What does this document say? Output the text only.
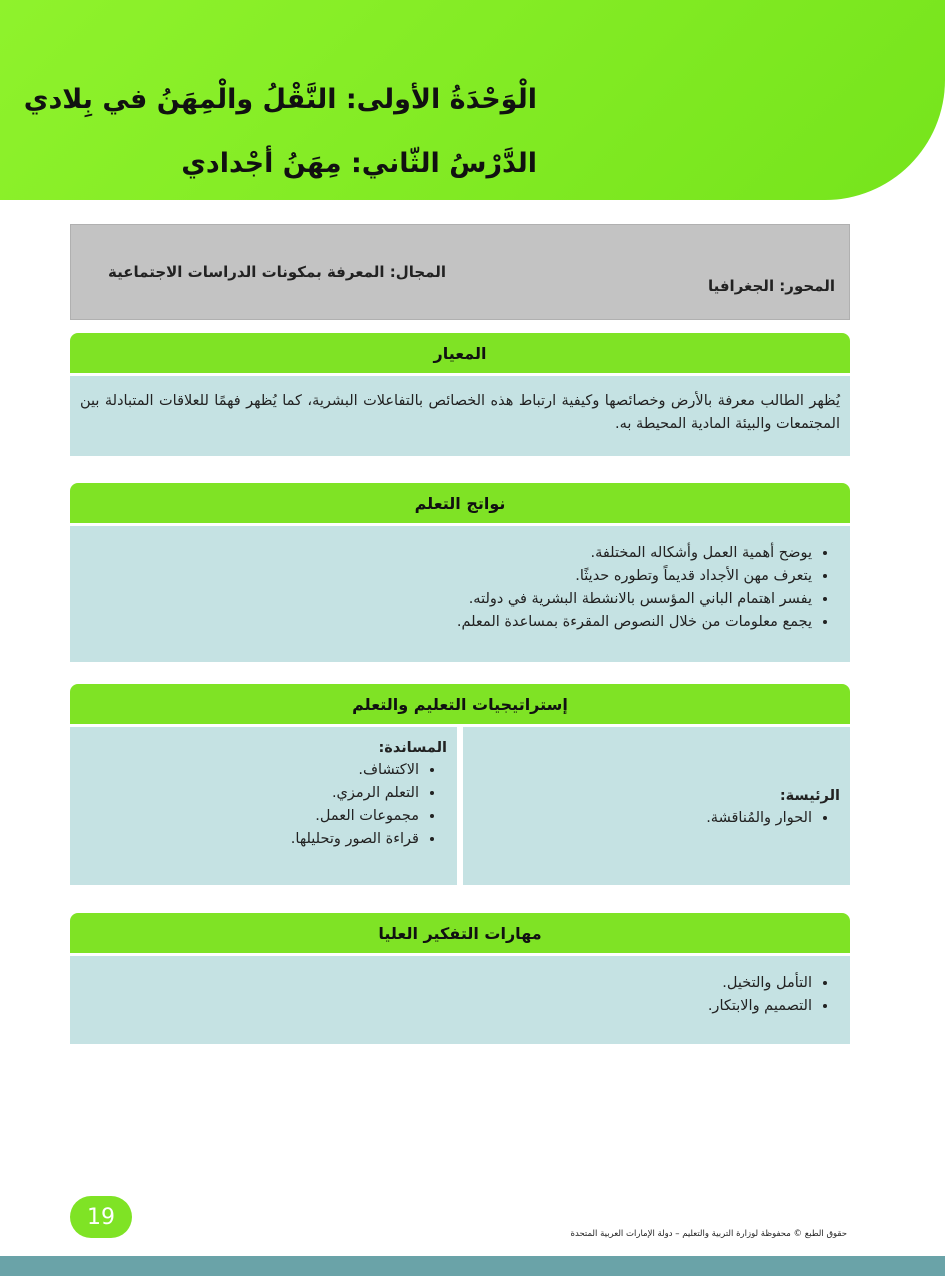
الْوَحْدَةُ الأولى: النَّقْلُ والْمِهَنُ في بِلادي
الدَّرْسُ الثّاني: مِهَنُ أجْدادي
المجال: المعرفة بمكونات الدراسات الاجتماعية
المحور: الجغرافيا
المعيار
يُظهر الطالب معرفة بالأرض وخصائصها وكيفية ارتباط هذه الخصائص بالتفاعلات البشرية، كما يُظهر فهمًا للعلاقات المتبادلة بين المجتمعات والبيئة المادية المحيطة به.
نواتج التعلم
• يوضح أهمية العمل وأشكاله المختلفة.
• يتعرف مهن الأجداد قديماً وتطوره حديثًا.
• يفسر اهتمام الباني المؤسس بالانشطة البشرية في دولته.
• يجمع معلومات من خلال النصوص المقرءة بمساعدة المعلم.
إستراتيجيات التعليم والتعلم
الرئيسة:
• الحوار والمُناقشة.
المساندة:
• الاكتشاف.
• التعلم الرمزي.
• مجموعات العمل.
• قراءة الصور وتحليلها.
مهارات التفكير العليا
• التأمل والتخيل.
• التصميم والابتكار.
19
حقوق الطبع © محفوظة لوزارة التربية والتعليم – دولة الإمارات العربية المتحدة
